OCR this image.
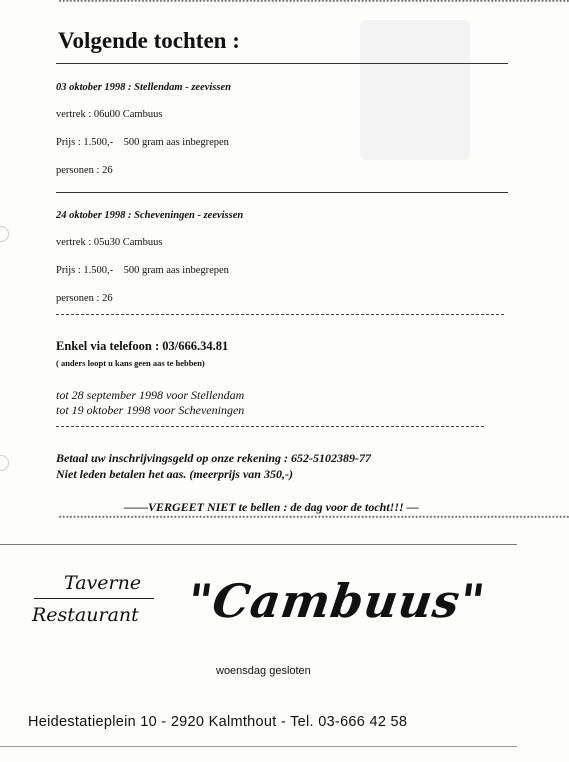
**********************************************************************************************************************************************
Volgende tochten :
03 oktober 1998 : Stellendam - zeevissen
vertrek : 06u00 Cambuus
Prijs : 1.500,-    500 gram aas inbegrepen
personen : 26
24 oktober 1998 : Scheveningen - zeevissen
vertrek : 05u30 Cambuus
Prijs : 1.500,-    500 gram aas inbegrepen
personen : 26
Enkel via telefoon : 03/666.34.81
( anders loopt u kans geen aas te hebben)
tot 28 september 1998 voor Stellendam
tot 19 oktober 1998 voor Scheveningen
Betaal uw inschrijvingsgeld op onze rekening : 652-5102389-77
Niet leden betalen het aas. (meerprijs van 350,-)
——VERGEET NIET te bellen : de dag voor de tocht!!! —
**********************************************************************************************************************************************
Taverne
Restaurant "Cambuus"
woensdag gesloten
Heidestatieplein 10 - 2920 Kalmthout - Tel. 03-666 42 58
